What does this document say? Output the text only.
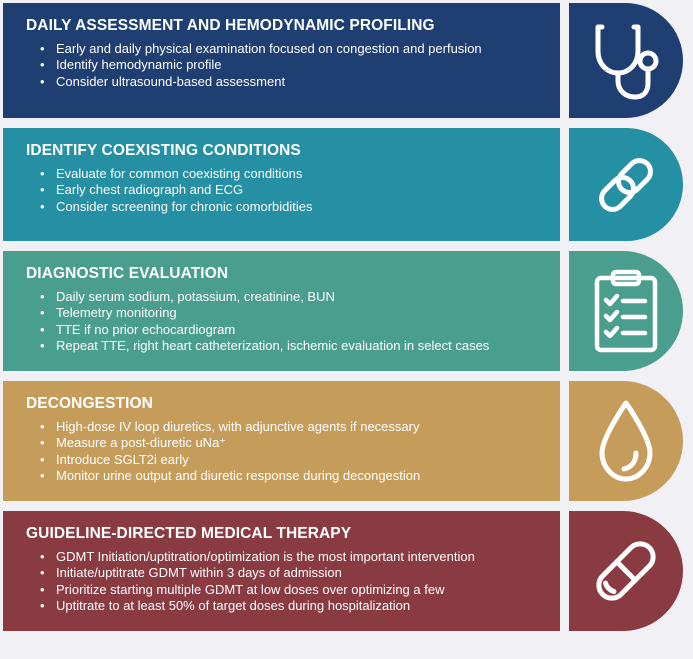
DAILY ASSESSMENT AND HEMODYNAMIC PROFILING
• Early and daily physical examination focused on congestion and perfusion
• Identify hemodynamic profile
• Consider ultrasound-based assessment
IDENTIFY COEXISTING CONDITIONS
• Evaluate for common coexisting conditions
• Early chest radiograph and ECG
• Consider screening for chronic comorbidities
DIAGNOSTIC EVALUATION
• Daily serum sodium, potassium, creatinine, BUN
• Telemetry monitoring
• TTE if no prior echocardiogram
• Repeat TTE, right heart catheterization, ischemic evaluation in select cases
DECONGESTION
• High-dose IV loop diuretics, with adjunctive agents if necessary
• Measure a post-diuretic uNa⁺
• Introduce SGLT2i early
• Monitor urine output and diuretic response during decongestion
GUIDELINE-DIRECTED MEDICAL THERAPY
• GDMT Initiation/uptitration/optimization is the most important intervention
• Initiate/uptitrate GDMT within 3 days of admission
• Prioritize starting multiple GDMT at low doses over optimizing a few
• Uptitrate to at least 50% of target doses during hospitalization
